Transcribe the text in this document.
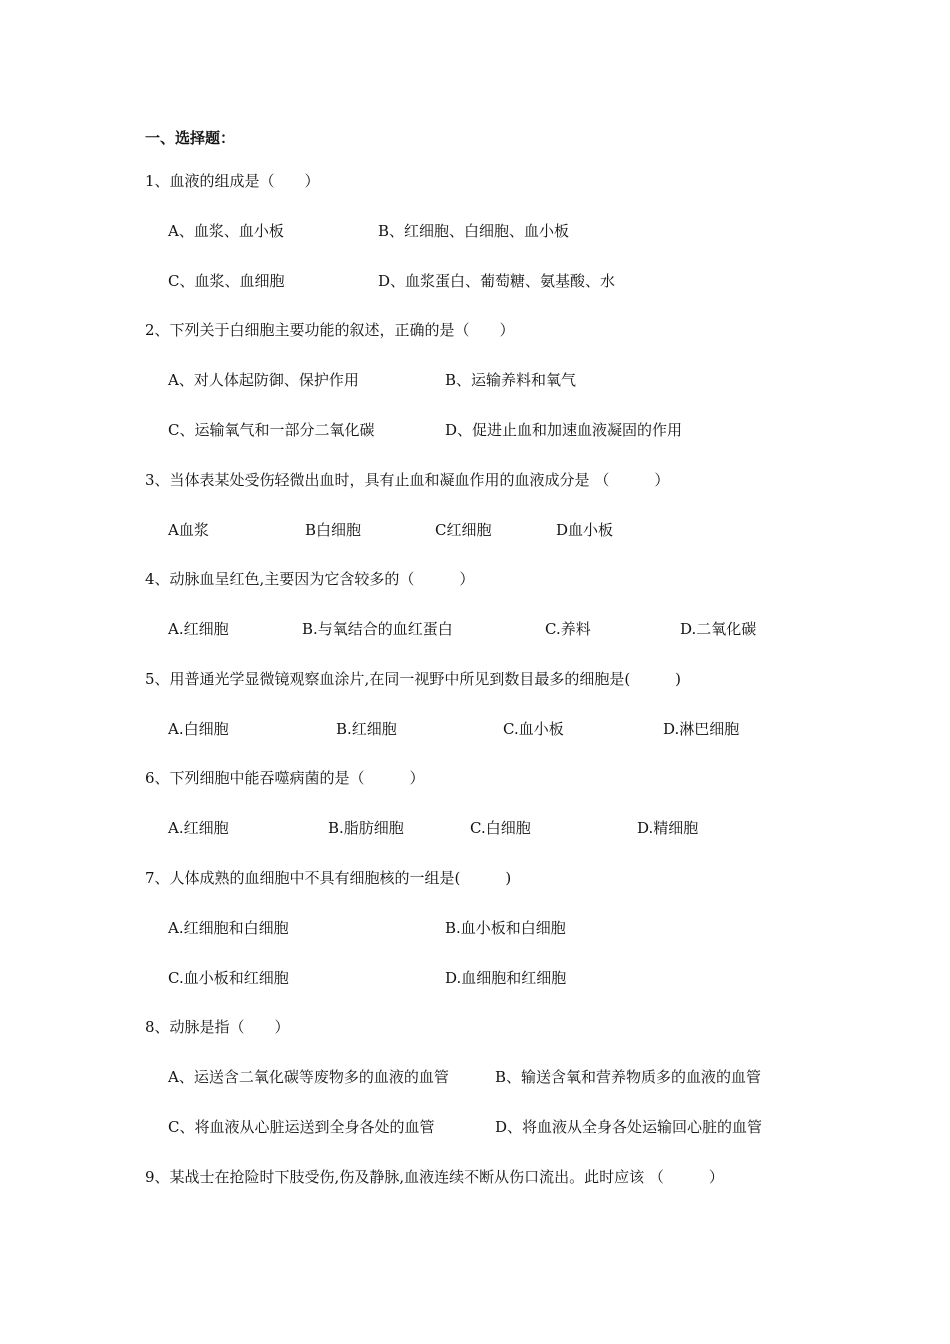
一、选择题：
1、血液的组成是（　　）
A、血浆、血小板	B、红细胞、白细胞、血小板
C、血浆、血细胞	D、血浆蛋白、葡萄糖、氨基酸、水
2、下列关于白细胞主要功能的叙述，正确的是（　　）
A、对人体起防御、保护作用	B、运输养料和氧气
C、运输氧气和一部分二氧化碳	D、促进止血和加速血液凝固的作用
3、当体表某处受伤轻微出血时，具有止血和凝血作用的血液成分是 （　　　）
A血浆	B白细胞	C红细胞	D血小板
4、动脉血呈红色,主要因为它含较多的（　　　）
A.红细胞	B.与氧结合的血红蛋白	C.养料	D.二氧化碳
5、用普通光学显微镜观察血涂片,在同一视野中所见到数目最多的细胞是(　　　)
A.白细胞	B.红细胞	C.血小板	D.淋巴细胞
6、下列细胞中能吞噬病菌的是（　　　）
A.红细胞	B.脂肪细胞	C.白细胞	D.精细胞
7、人体成熟的血细胞中不具有细胞核的一组是(　　　)
A.红细胞和白细胞	B.血小板和白细胞
C.血小板和红细胞	D.血细胞和红细胞
8、动脉是指（　　）
A、运送含二氧化碳等废物多的血液的血管	B、输送含氧和营养物质多的血液的血管
C、将血液从心脏运送到全身各处的血管	D、将血液从全身各处运输回心脏的血管
9、某战士在抢险时下肢受伤,伤及静脉,血液连续不断从伤口流出。此时应该 （　　　）
